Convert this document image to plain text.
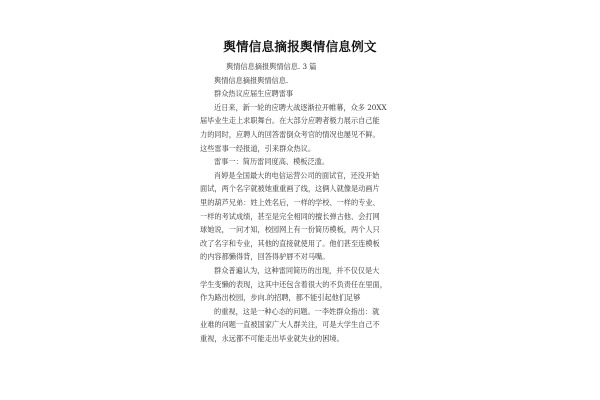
舆情信息摘报舆情信息例文
舆情信息摘报舆情信息. 3 篇
舆情信息摘报舆情信息.
群众热议应届生应聘雷事
近日来，新一轮的应聘大战逐渐拉开帷幕，众多 20XX
届毕业生走上求职舞台。在大部分应聘者极力展示自己能
力的同时，应聘人的回答雷倒众考官的情况也屡见不鲜。
这些雷事一经报道，引来群众热议。
雷事一：简历雷同度高、模板泛滥。
肖婷是全国最大的电信运营公司的面试官，还没开始
面试，两个名字就被她重重画了线，这俩人就像是动画片
里的葫芦兄弟：姓上姓名后，一样的学校、一样的专业、
一样的考试成绩，甚至是完全相同的擅长弹古他、会打网
球她说，一问才知，校园网上有一份简历模板，两个人只
改了名字和专业，其他的直接就使用了。他们甚至连模板
的内容都懒得背，回答得驴唇不对马嘴。
群众普遍认为，这种雷同简历的出现，并不仅仅是大
学生变懒的表现，这其中还包含着很大的不负责任在里面，
作为路出校园，步向.的招聘，都不能引起他们足够
的重视，这是一种心态的问题。一李姓群众指出：就
业难的问题一直被国家广大人群关注，可是大学生自己不
重视，永远都不可能走出毕业就失业的困境。
